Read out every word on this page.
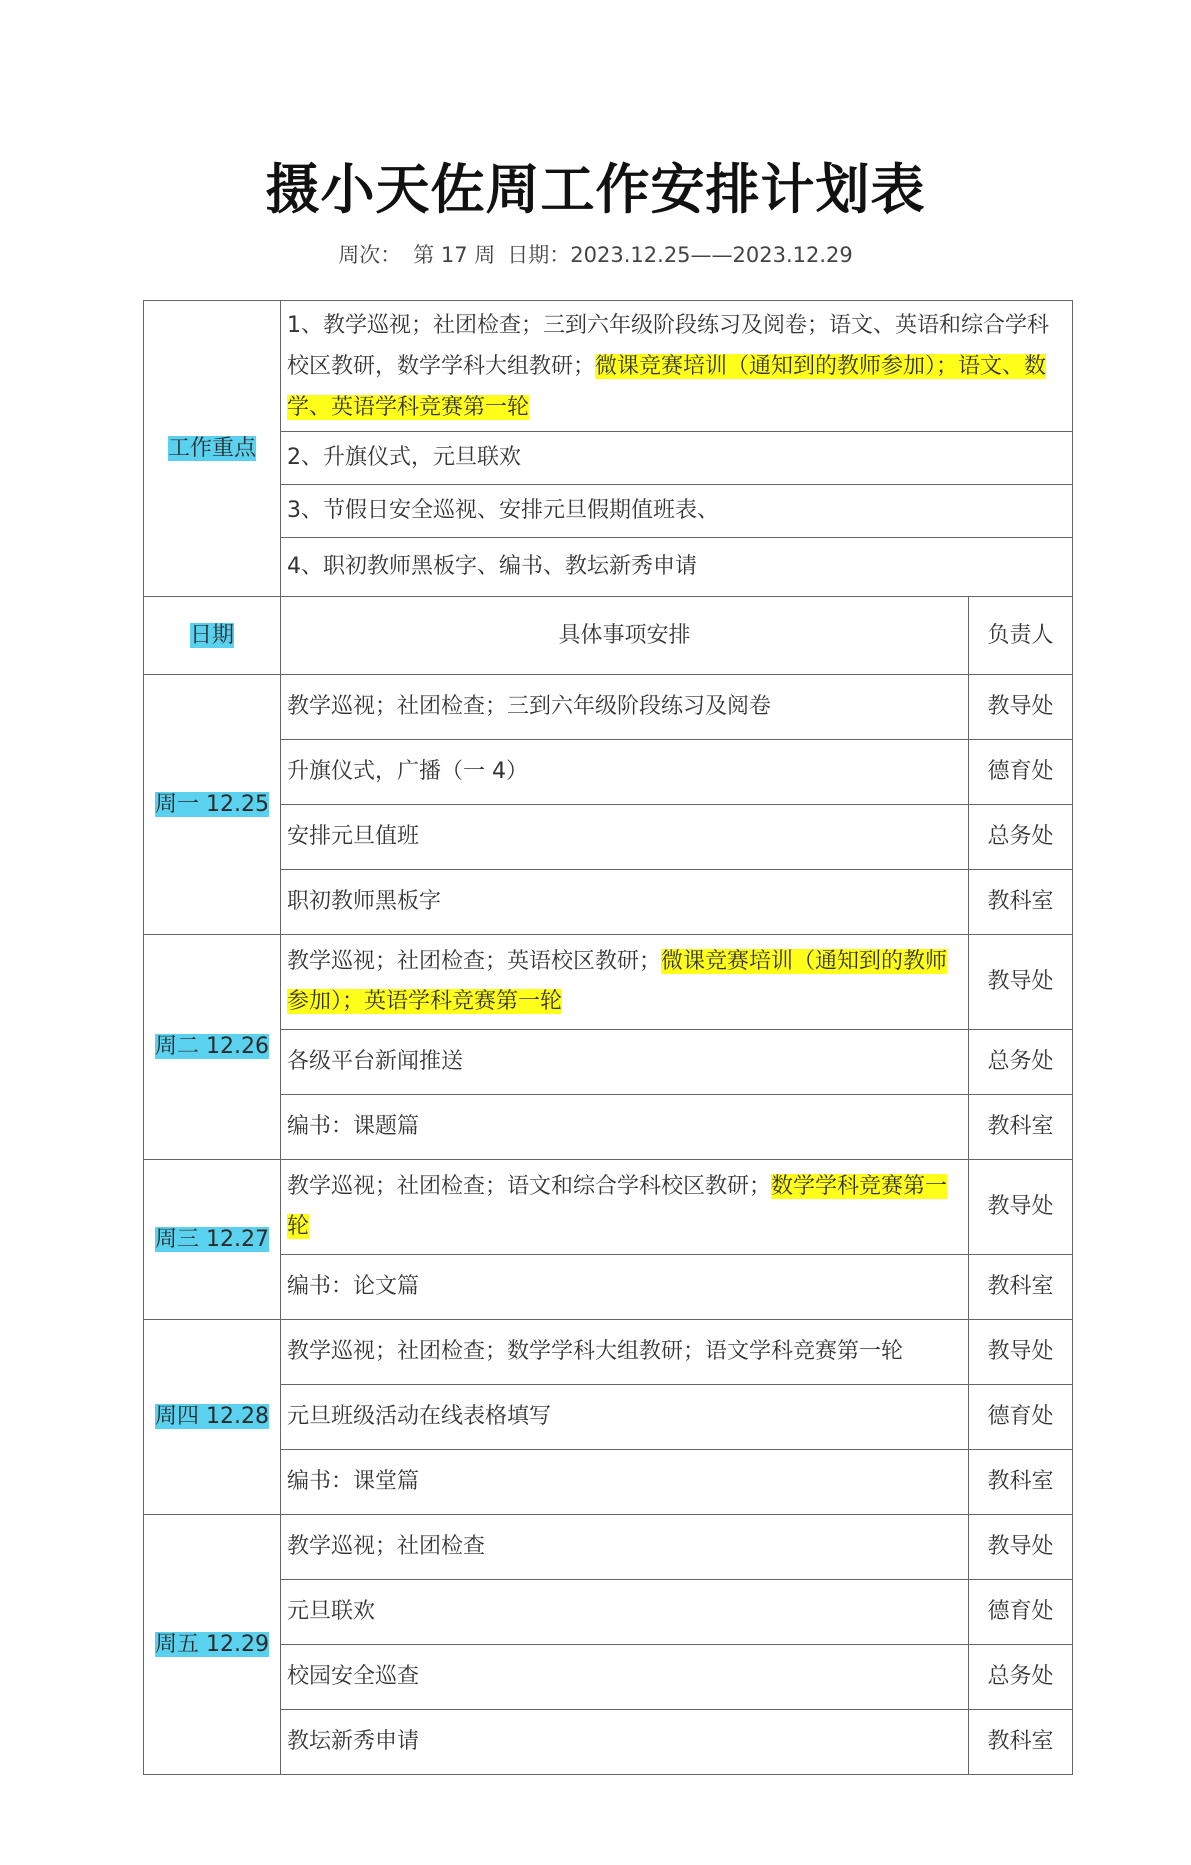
摄小天佐周工作安排计划表
周次： 第 17 周 日期：2023.12.25——2023.12.29
工作重点	1、教学巡视；社团检查；三到六年级阶段练习及阅卷；语文、英语和综合学科校区教研，数学学科大组教研；微课竞赛培训（通知到的教师参加）；语文、数学、英语学科竞赛第一轮	
	2、升旗仪式，元旦联欢	
	3、节假日安全巡视、安排元旦假期值班表、	
	4、职初教师黑板字、编书、教坛新秀申请	
日期	具体事项安排	负责人
周一 12.25	教学巡视；社团检查；三到六年级阶段练习及阅卷	教导处
	升旗仪式，广播（一 4）	德育处
	安排元旦值班	总务处
	职初教师黑板字	教科室
周二 12.26	教学巡视；社团检查；英语校区教研；微课竞赛培训（通知到的教师参加）；英语学科竞赛第一轮	教导处
	各级平台新闻推送	总务处
	编书：课题篇	教科室
周三 12.27	教学巡视；社团检查；语文和综合学科校区教研；数学学科竞赛第一轮	教导处
	编书：论文篇	教科室
周四 12.28	教学巡视；社团检查；数学学科大组教研；语文学科竞赛第一轮	教导处
	元旦班级活动在线表格填写	德育处
	编书：课堂篇	教科室
周五 12.29	教学巡视；社团检查	教导处
	元旦联欢	德育处
	校园安全巡查	总务处
	教坛新秀申请	教科室
